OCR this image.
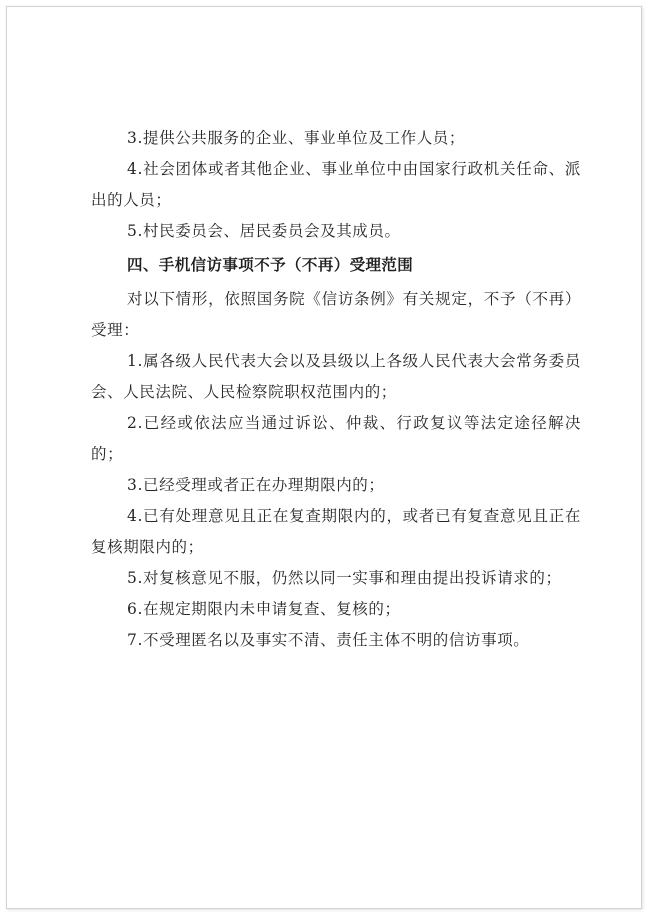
3.提供公共服务的企业、事业单位及工作人员；

4.社会团体或者其他企业、事业单位中由国家行政机关任命、派出的人员；

5.村民委员会、居民委员会及其成员。

四、手机信访事项不予（不再）受理范围

对以下情形，依照国务院《信访条例》有关规定，不予（不再）受理：

1.属各级人民代表大会以及县级以上各级人民代表大会常务委员会、人民法院、人民检察院职权范围内的；

2.已经或依法应当通过诉讼、仲裁、行政复议等法定途径解决的；

3.已经受理或者正在办理期限内的；

4.已有处理意见且正在复查期限内的，或者已有复查意见且正在复核期限内的；

5.对复核意见不服，仍然以同一实事和理由提出投诉请求的；

6.在规定期限内未申请复查、复核的；

7.不受理匿名以及事实不清、责任主体不明的信访事项。
